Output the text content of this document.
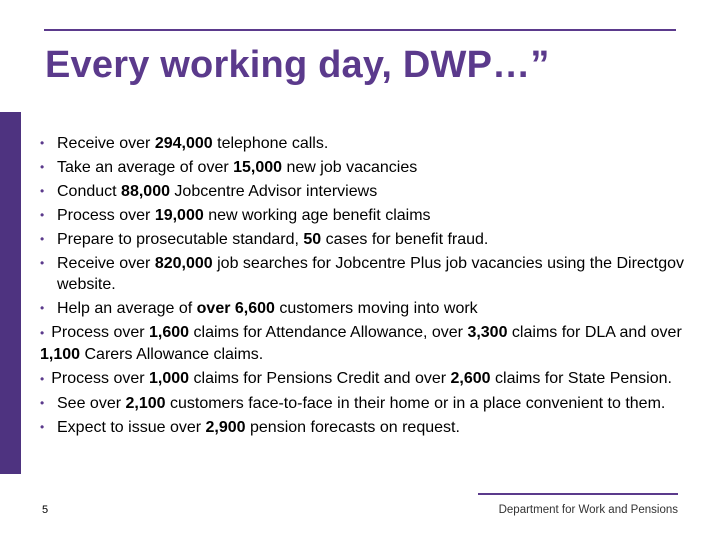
Every working day, DWP…”
• Receive over 294,000 telephone calls.
• Take an average of over 15,000 new job vacancies
• Conduct 88,000 Jobcentre Advisor interviews
• Process over 19,000 new working age benefit claims
• Prepare to prosecutable standard, 50 cases for benefit fraud.
• Receive over 820,000 job searches for Jobcentre Plus job vacancies using the Directgov website.
• Help an average of over 6,600 customers moving into work
• Process over 1,600 claims for Attendance Allowance, over 3,300 claims for DLA and over 1,100 Carers Allowance claims.
• Process over 1,000 claims for Pensions Credit and over 2,600 claims for State Pension.
• See over 2,100 customers face-to-face in their home or in a place convenient to them.
• Expect to issue over 2,900 pension forecasts on request.
5	Department for Work and Pensions
